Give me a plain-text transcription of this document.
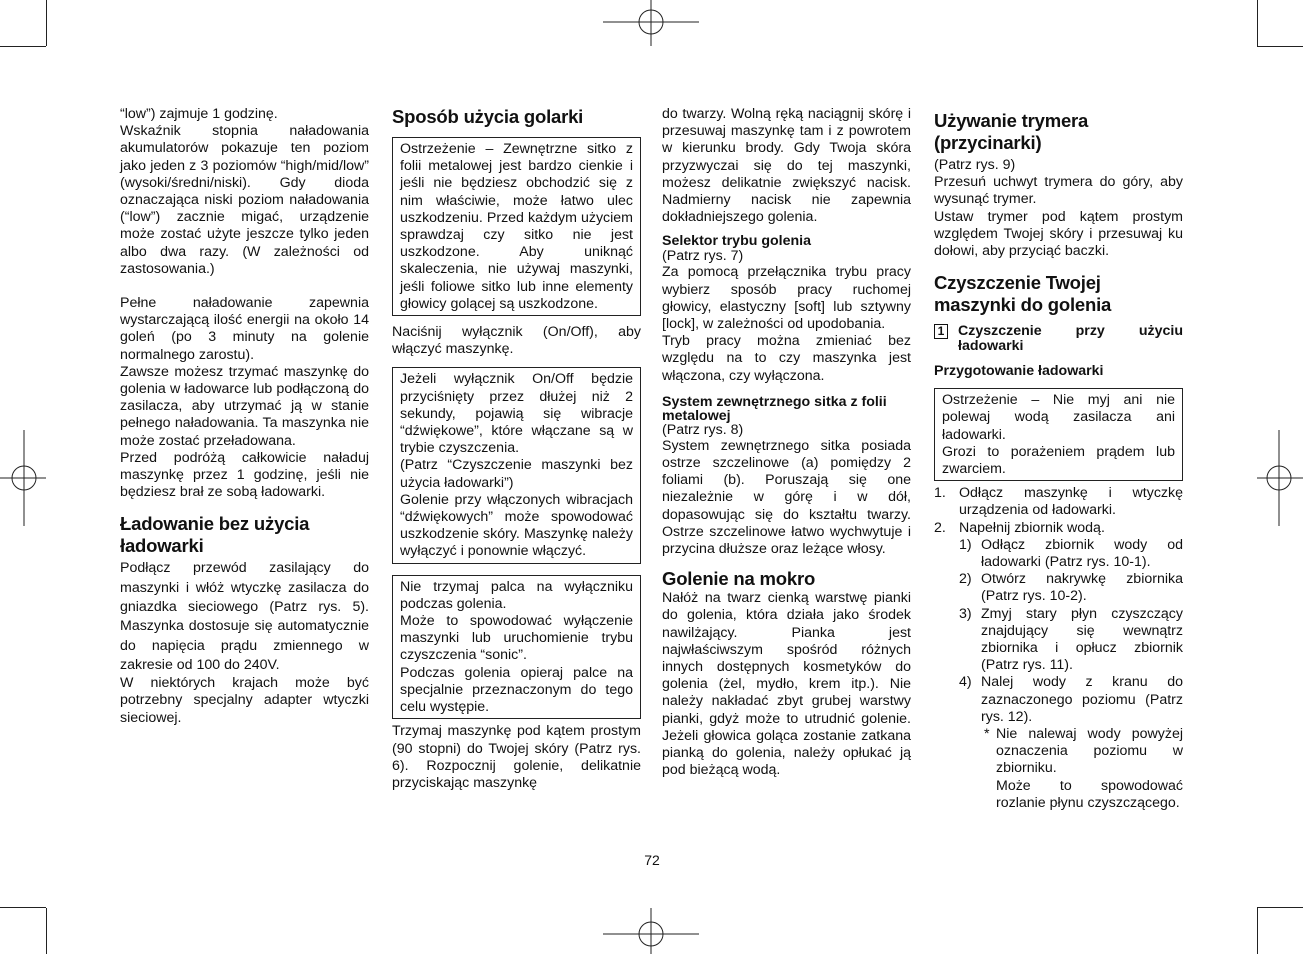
“low”) zajmuje 1 godzinę.

Wskaźnik stopnia naładowania akumulatorów pokazuje ten poziom jako jeden z 3 poziomów “high/mid/low” (wysoki/średni/niski). Gdy dioda oznaczająca niski poziom naładowania (“low”) zacznie migać, urządzenie może zostać użyte jeszcze tylko jeden albo dwa razy. (W zależności od zastosowania.)

Pełne naładowanie zapewnia wystarczającą ilość energii na około 14 goleń (po 3 minuty na golenie normalnego zarostu).

Zawsze możesz trzymać maszynkę do golenia w ładowarce lub podłączoną do zasilacza, aby utrzymać ją w stanie pełnego naładowania. Ta maszynka nie może zostać przeładowana.

Przed podróżą całkowicie naładuj maszynkę przez 1 godzinę, jeśli nie będziesz brał ze sobą ładowarki.

Ładowanie bez użycia ładowarki

Podłącz przewód zasilający do maszynki i włóż wtyczkę zasilacza do gniazdka sieciowego (Patrz rys. 5). Maszynka dostosuje się automatycznie do napięcia prądu zmiennego w zakresie od 100 do 240V.

W niektórych krajach może być potrzebny specjalny adapter wtyczki sieciowej.

Sposób użycia golarki

Ostrzeżenie – Zewnętrzne sitko z folii metalowej jest bardzo cienkie i jeśli nie będziesz obchodzić się z nim właściwie, może łatwo ulec uszkodzeniu. Przed każdym użyciem sprawdzaj czy sitko nie jest uszkodzone. Aby uniknąć skaleczenia, nie używaj maszynki, jeśli foliowe sitko lub inne elementy głowicy golącej są uszkodzone.

Naciśnij wyłącznik (On/Off), aby włączyć maszynkę.

Jeżeli wyłącznik On/Off będzie przyciśnięty przez dłużej niż 2 sekundy, pojawią się wibracje “dźwiękowe”, które włączane są w trybie czyszczenia.

(Patrz “Czyszczenie maszynki bez użycia ładowarki”)

Golenie przy włączonych wibracjach “dźwiękowych” może spowodować uszkodzenie skóry. Maszynkę należy wyłączyć i ponownie włączyć.

Nie trzymaj palca na wyłączniku podczas golenia.

Może to spowodować wyłączenie maszynki lub uruchomienie trybu czyszczenia “sonic”.

Podczas golenia opieraj palce na specjalnie przeznaczonym do tego celu występie.

Trzymaj maszynkę pod kątem prostym (90 stopni) do Twojej skóry (Patrz rys. 6). Rozpocznij golenie, delikatnie przyciskając maszynkę

do twarzy. Wolną ręką naciągnij skórę i przesuwaj maszynkę tam i z powrotem w kierunku brody. Gdy Twoja skóra przyzwyczai się do tej maszynki, możesz delikatnie zwiększyć nacisk. Nadmierny nacisk nie zapewnia dokładniejszego golenia.

Selektor trybu golenia

(Patrz rys. 7)

Za pomocą przełącznika trybu pracy wybierz sposób pracy ruchomej głowicy, elastyczny [soft] lub sztywny [lock], w zależności od upodobania.

Tryb pracy można zmieniać bez względu na to czy maszynka jest włączona, czy wyłączona.

System zewnętrznego sitka z folii metalowej

(Patrz rys. 8)

System zewnętrznego sitka posiada ostrze szczelinowe (a) pomiędzy 2 foliami (b). Poruszają się one niezależnie w górę i w dół, dopasowując się do kształtu twarzy. Ostrze szczelinowe łatwo wychwytuje i przycina dłuższe oraz leżące włosy.

Golenie na mokro

Nałóż na twarz cienką warstwę pianki do golenia, która działa jako środek nawilżający. Pianka jest najwłaściwszym spośród różnych innych dostępnych kosmetyków do golenia (żel, mydło, krem itp.). Nie należy nakładać zbyt grubej warstwy pianki, gdyż może to utrudnić golenie. Jeżeli głowica goląca zostanie zatkana pianką do golenia, należy opłukać ją pod bieżącą wodą.

Używanie trymera (przycinarki)

(Patrz rys. 9)

Przesuń uchwyt trymera do góry, aby wysunąć trymer.

Ustaw trymer pod kątem prostym względem Twojej skóry i przesuwaj ku dołowi, aby przyciąć baczki.

Czyszczenie Twojej maszynki do golenia
1 Czyszczenie przy użyciu ładowarki
Przygotowanie ładowarki

Ostrzeżenie – Nie myj ani nie polewaj wodą zasilacza ani ładowarki.

Grozi to porażeniem prądem lub zwarciem.

1. Odłącz maszynkę i wtyczkę urządzenia od ładowarki.
2. Napełnij zbiornik wodą.
1) Odłącz zbiornik wody od ładowarki (Patrz rys. 10-1).
2) Otwórz nakrywkę zbiornika (Patrz rys. 10-2).
3) Zmyj stary płyn czyszczący znajdujący się wewnątrz zbiornika i opłucz zbiornik (Patrz rys. 11).
4) Nalej wody z kranu do zaznaczonego poziomu (Patrz rys. 12).
* Nie nalewaj wody powyżej oznaczenia poziomu w zbiorniku.

Może to spowodować rozlanie płynu czyszczącego.

72
